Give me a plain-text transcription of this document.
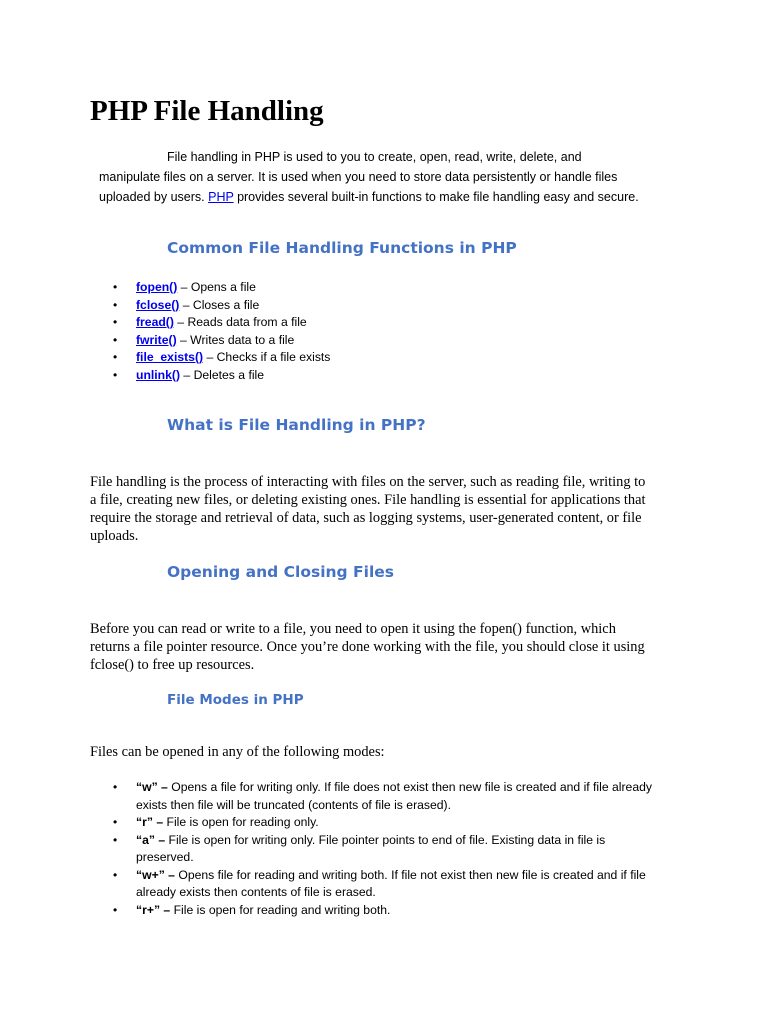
PHP File Handling
File handling in PHP is used to you to create, open, read, write, delete, and
manipulate files on a server. It is used when you need to store data persistently or handle files
uploaded by users. PHP provides several built-in functions to make file handling easy and secure.
Common File Handling Functions in PHP
• fopen() – Opens a file
• fclose() – Closes a file
• fread() – Reads data from a file
• fwrite() – Writes data to a file
• file_exists() – Checks if a file exists
• unlink() – Deletes a file
What is File Handling in PHP?

File handling is the process of interacting with files on the server, such as reading file, writing to
a file, creating new files, or deleting existing ones. File handling is essential for applications that
require the storage and retrieval of data, such as logging systems, user-generated content, or file
uploads.

Opening and Closing Files

Before you can read or write to a file, you need to open it using the fopen() function, which
returns a file pointer resource. Once you’re done working with the file, you should close it using
fclose() to free up resources.

File Modes in PHP

Files can be opened in any of the following modes:

• “w” – Opens a file for writing only. If file does not exist then new file is created and if file already
exists then file will be truncated (contents of file is erased).
• “r” – File is open for reading only.
• “a” – File is open for writing only. File pointer points to end of file. Existing data in file is
preserved.
• “w+” – Opens file for reading and writing both. If file not exist then new file is created and if file
already exists then contents of file is erased.
• “r+” – File is open for reading and writing both.
